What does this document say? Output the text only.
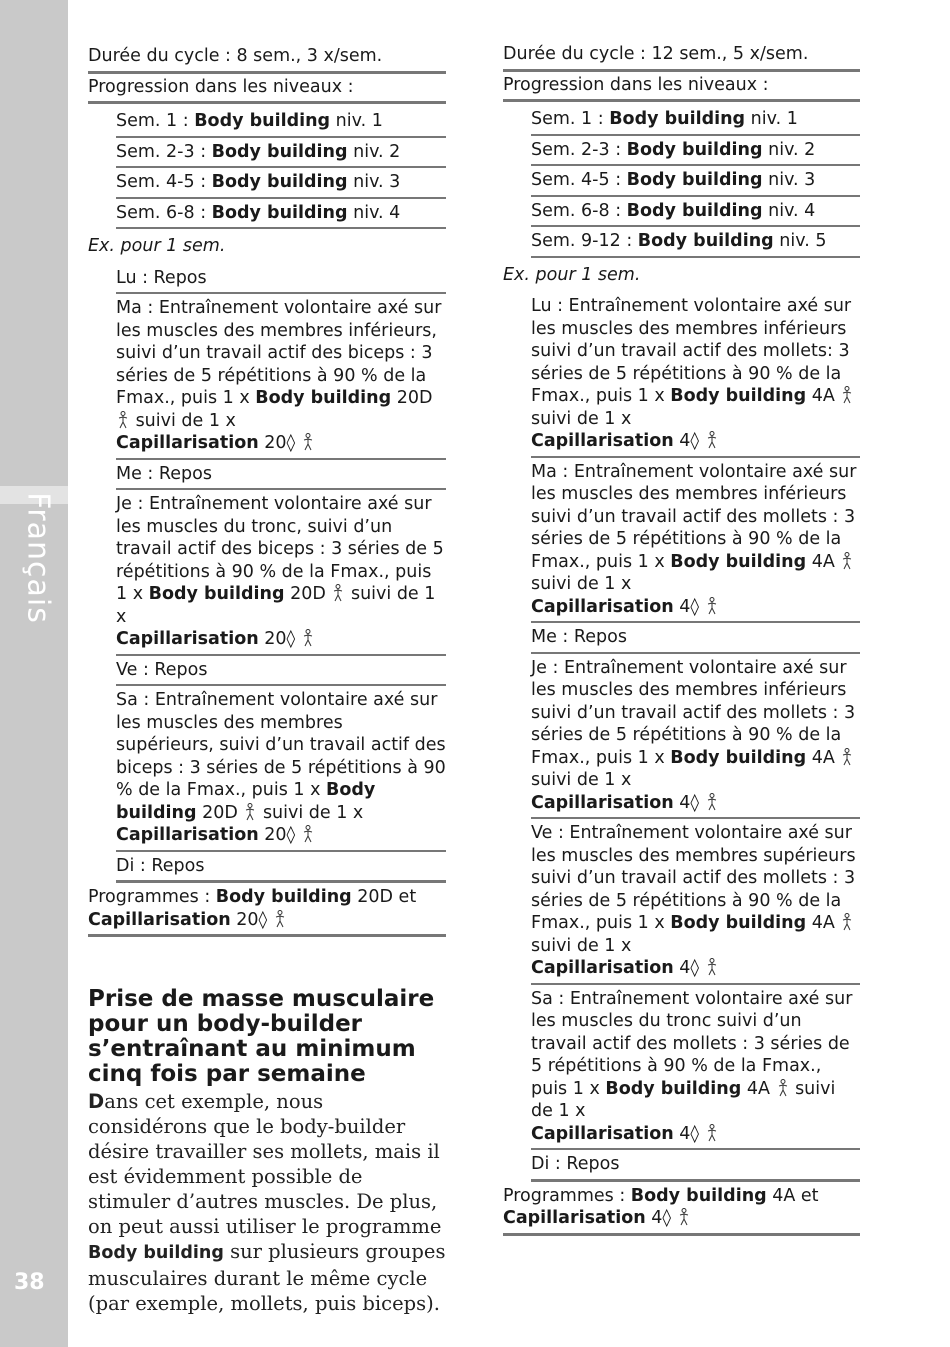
Français
38
Durée du cycle : 8 sem., 3 x/sem.
Progression dans les niveaux :
Sem. 1 : Body building niv. 1
Sem. 2-3 : Body building niv. 2
Sem. 4-5 : Body building niv. 3
Sem. 6-8 : Body building niv. 4
Ex. pour 1 sem.
Lu : Repos
Ma : Entraînement volontaire axé sur les muscles des membres inférieurs, suivi d’un travail actif des biceps : 3 séries de 5 répétitions à 90 % de la Fmax., puis 1 x Body building 20D
suivi de 1 x
Capillarisation 20◊
Me : Repos
Je : Entraînement volontaire axé sur les muscles du tronc, suivi d’un travail actif des biceps : 3 séries de 5 répétitions à 90 % de la Fmax., puis 1 x Body building 20D
suivi de 1 x
Capillarisation 20◊
Ve : Repos
Sa : Entraînement volontaire axé sur les muscles des membres supérieurs, suivi d’un travail actif des biceps : 3 séries de 5 répétitions à 90 % de la Fmax., puis 1 x Body building 20D
suivi de 1 x
Capillarisation 20◊
Di : Repos
Programmes : Body building 20D et
Capillarisation 20◊
Prise de masse musculaire pour un body-builder s’entraînant au minimum cinq fois par semaine
Dans cet exemple, nous considérons que le body-builder désire travailler ses mollets, mais il est évidemment possible de stimuler d’autres muscles. De plus, on peut aussi utiliser le programme Body building sur plusieurs groupes musculaires durant le même cycle (par exemple, mollets, puis biceps).
Durée du cycle : 12 sem., 5 x/sem.
Progression dans les niveaux :
Sem. 1 : Body building niv. 1
Sem. 2-3 : Body building niv. 2
Sem. 4-5 : Body building niv. 3
Sem. 6-8 : Body building niv. 4
Sem. 9-12 : Body building niv. 5
Ex. pour 1 sem.
Lu : Entraînement volontaire axé sur les muscles des membres inférieurs suivi d’un travail actif des mollets: 3 séries de 5 répétitions à 90 % de la Fmax., puis 1 x Body building 4A
suivi de 1 x
Capillarisation 4◊
Ma : Entraînement volontaire axé sur les muscles des membres inférieurs suivi d’un travail actif des mollets : 3 séries de 5 répétitions à 90 % de la Fmax., puis 1 x Body building 4A
suivi de 1 x
Capillarisation 4◊
Me : Repos
Je : Entraînement volontaire axé sur les muscles des membres inférieurs suivi d’un travail actif des mollets : 3 séries de 5 répétitions à 90 % de la Fmax., puis 1 x Body building 4A
suivi de 1 x
Capillarisation 4◊
Ve : Entraînement volontaire axé sur les muscles des membres supérieurs suivi d’un travail actif des mollets : 3 séries de 5 répétitions à 90 % de la Fmax., puis 1 x Body building 4A
suivi de 1 x
Capillarisation 4◊
Sa : Entraînement volontaire axé sur les muscles du tronc suivi d’un travail actif des mollets : 3 séries de 5 répétitions à 90 % de la Fmax., puis 1 x Body building 4A
suivi de 1 x
Capillarisation 4◊
Di : Repos
Programmes : Body building 4A et
Capillarisation 4◊
